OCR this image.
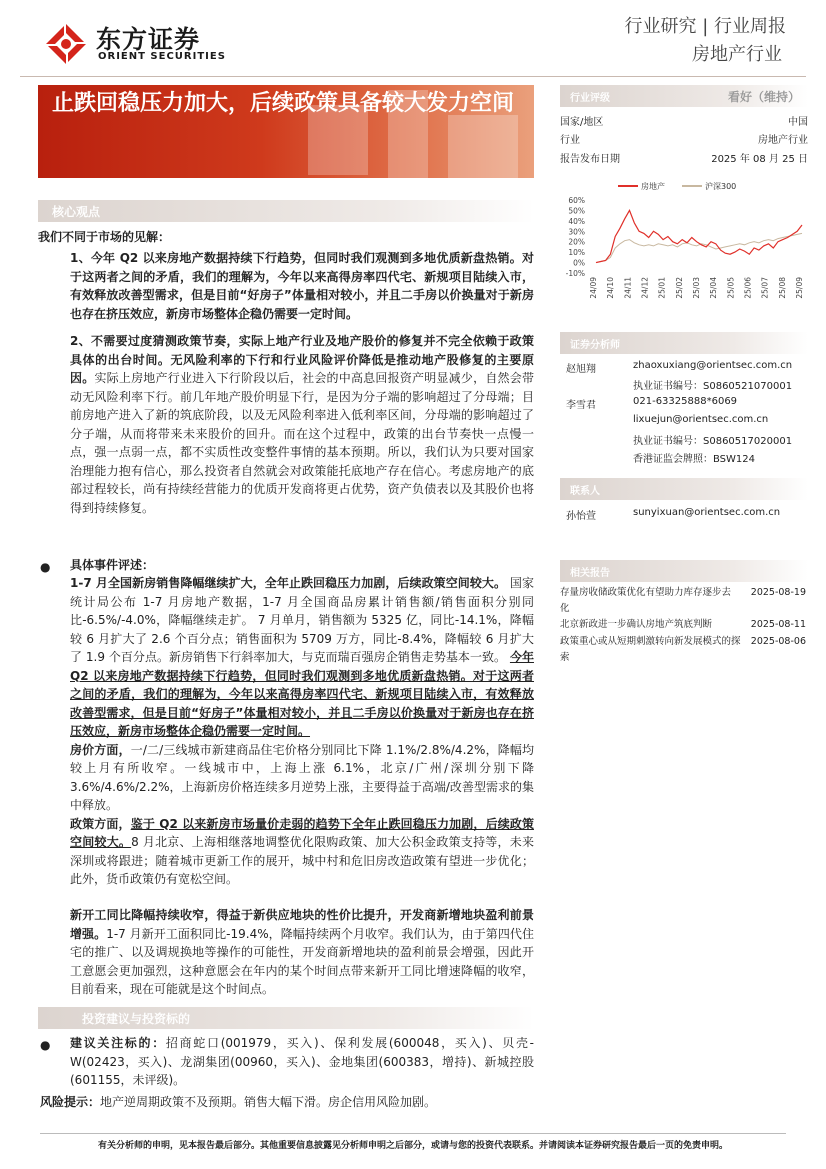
东方证券
ORIENT SECURITIES
行业研究 | 行业周报
房地产行业
止跌回稳压力加大，后续政策具备较大发力空间	行业评级	看好（维持）
国家/地区	中国
行业	房地产行业
报告发布日期	2025 年 08 月 25 日
房地产	沪深300
60%
50%
40%
30%
20%
10%
0%
-10%
24/09 24/10 24/11 24/12 25/01 25/02 25/03 25/04 25/05 25/06 25/07 25/08 25/09
证券分析师
赵旭翔	zhaoxuxiang@orientsec.com.cn
执业证书编号：S0860521070001
李雪君	021-63325888*6069
lixuejun@orientsec.com.cn
执业证书编号：S0860517020001
香港证监会牌照：BSW124
联系人
孙怡萱	sunyixuan@orientsec.com.cn
相关报告
存量房收储政策优化有望助力库存逐步去化
2025-08-19
北京新政进一步确认房地产筑底判断	2025-08-11
政策重心或从短期刺激转向新发展模式的探索
2025-08-06
核心观点
我们不同于市场的见解：
1、今年 Q2 以来房地产数据持续下行趋势，但同时我们观测到多地优质新盘热销。对于这两者之间的矛盾，我们的理解为，今年以来高得房率四代宅、新规项目陆续入市，有效释放改善型需求，但是目前“好房子”体量相对较小，并且二手房以价换量对于新房也存在挤压效应，新房市场整体企稳仍需要一定时间。
2、不需要过度猜测政策节奏，实际上地产行业及地产股价的修复并不完全依赖于政策具体的出台时间。无风险利率的下行和行业风险评价降低是推动地产股修复的主要原因。实际上房地产行业进入下行阶段以后，社会的中高息回报资产明显减少，自然会带动无风险利率下行。前几年地产股价明显下行，是因为分子端的影响超过了分母端；目前房地产进入了新的筑底阶段，以及无风险利率进入低利率区间，分母端的影响超过了分子端，从而将带来未来股价的回升。而在这个过程中，政策的出台节奏快一点慢一点，强一点弱一点，都不实质性改变整件事情的基本预期。所以，我们认为只要对国家治理能力抱有信心，那么投资者自然就会对政策能托底地产存在信心。考虑房地产的底部过程较长，尚有持续经营能力的优质开发商将更占优势，资产负债表以及其股价也将得到持续修复。
● 具体事件评述：
1-7 月全国新房销售降幅继续扩大，全年止跌回稳压力加剧，后续政策空间较大。 国家统计局公布 1-7 月房地产数据，1-7 月全国商品房累计销售额/销售面积分别同比-6.5%/-4.0%，降幅继续走扩。 7 月单月，销售额为 5325 亿，同比-14.1%，降幅较 6 月扩大了 2.6 个百分点；销售面积为 5709 万方，同比-8.4%，降幅较 6 月扩大了 1.9 个百分点。新房销售下行斜率加大，与克而瑞百强房企销售走势基本一致。 今年 Q2 以来房地产数据持续下行趋势，但同时我们观测到多地优质新盘热销。对于这两者之间的矛盾，我们的理解为，今年以来高得房率四代宅、新规项目陆续入市，有效释放改善型需求，但是目前“好房子”体量相对较小，并且二手房以价换量对于新房也存在挤压效应，新房市场整体企稳仍需要一定时间。
房价方面，一/二/三线城市新建商品住宅价格分别同比下降 1.1%/2.8%/4.2%，降幅均较上月有所收窄。一线城市中，上海上涨 6.1%，北京/广州/深圳分别下降3.6%/4.6%/2.2%，上海新房价格连续多月逆势上涨，主要得益于高端/改善型需求的集中释放。
政策方面，鉴于 Q2 以来新房市场量价走弱的趋势下全年止跌回稳压力加剧，后续政策空间较大。8 月北京、上海相继落地调整优化限购政策、加大公积金政策支持等，未来深圳或将跟进；随着城市更新工作的展开，城中村和危旧房改造政策有望进一步优化；此外，货币政策仍有宽松空间。
新开工同比降幅持续收窄，得益于新供应地块的性价比提升，开发商新增地块盈利前景增强。1-7 月新开工面积同比-19.4%，降幅持续两个月收窄。我们认为，由于第四代住宅的推广、以及调规换地等操作的可能性，开发商新增地块的盈利前景会增强，因此开工意愿会更加强烈，这种意愿会在年内的某个时间点带来新开工同比增速降幅的收窄，目前看来，现在可能就是这个时间点。
投资建议与投资标的
● 建议关注标的：招商蛇口(001979，买入)、保利发展(600048，买入)、贝壳-W(02423，买入)、龙湖集团(00960，买入)、金地集团(600383，增持)、新城控股(601155，未评级)。
风险提示：地产逆周期政策不及预期。销售大幅下滑。房企信用风险加剧。
有关分析师的申明，见本报告最后部分。其他重要信息披露见分析师申明之后部分，或请与您的投资代表联系。并请阅读本证券研究报告最后一页的免责申明。
